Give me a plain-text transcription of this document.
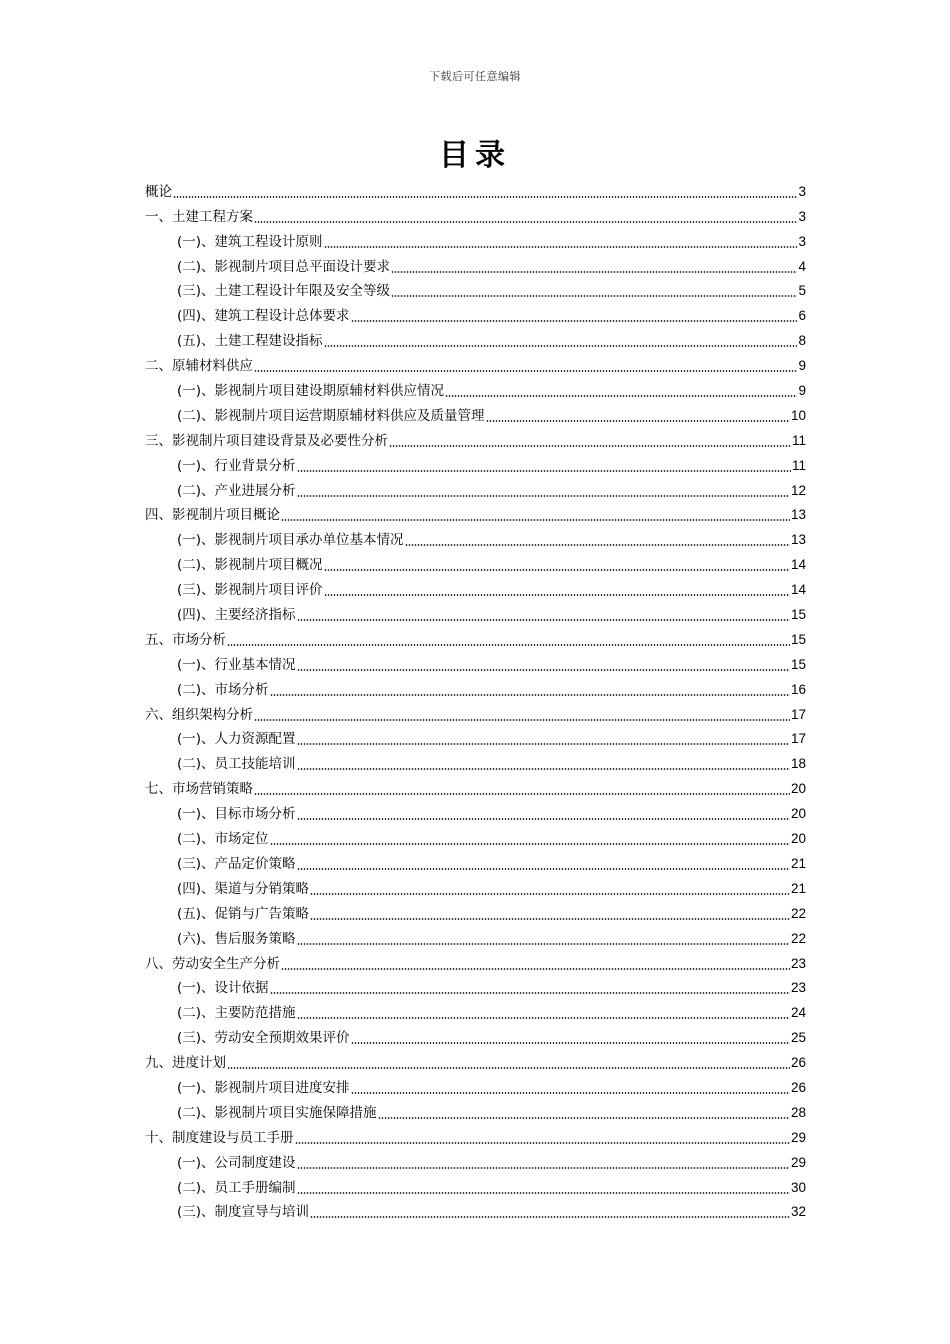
下载后可任意编辑
目录
概论	3
一、土建工程方案	3
(一)、建筑工程设计原则	3
(二)、影视制片项目总平面设计要求	4
(三)、土建工程设计年限及安全等级	5
(四)、建筑工程设计总体要求	6
(五)、土建工程建设指标	8
二、原辅材料供应	9
(一)、影视制片项目建设期原辅材料供应情况	9
(二)、影视制片项目运营期原辅材料供应及质量管理	10
三、影视制片项目建设背景及必要性分析	11
(一)、行业背景分析	11
(二)、产业进展分析	12
四、影视制片项目概论	13
(一)、影视制片项目承办单位基本情况	13
(二)、影视制片项目概况	14
(三)、影视制片项目评价	14
(四)、主要经济指标	15
五、市场分析	15
(一)、行业基本情况	15
(二)、市场分析	16
六、组织架构分析	17
(一)、人力资源配置	17
(二)、员工技能培训	18
七、市场营销策略	20
(一)、目标市场分析	20
(二)、市场定位	20
(三)、产品定价策略	21
(四)、渠道与分销策略	21
(五)、促销与广告策略	22
(六)、售后服务策略	22
八、劳动安全生产分析	23
(一)、设计依据	23
(二)、主要防范措施	24
(三)、劳动安全预期效果评价	25
九、进度计划	26
(一)、影视制片项目进度安排	26
(二)、影视制片项目实施保障措施	28
十、制度建设与员工手册	29
(一)、公司制度建设	29
(二)、员工手册编制	30
(三)、制度宣导与培训	32
